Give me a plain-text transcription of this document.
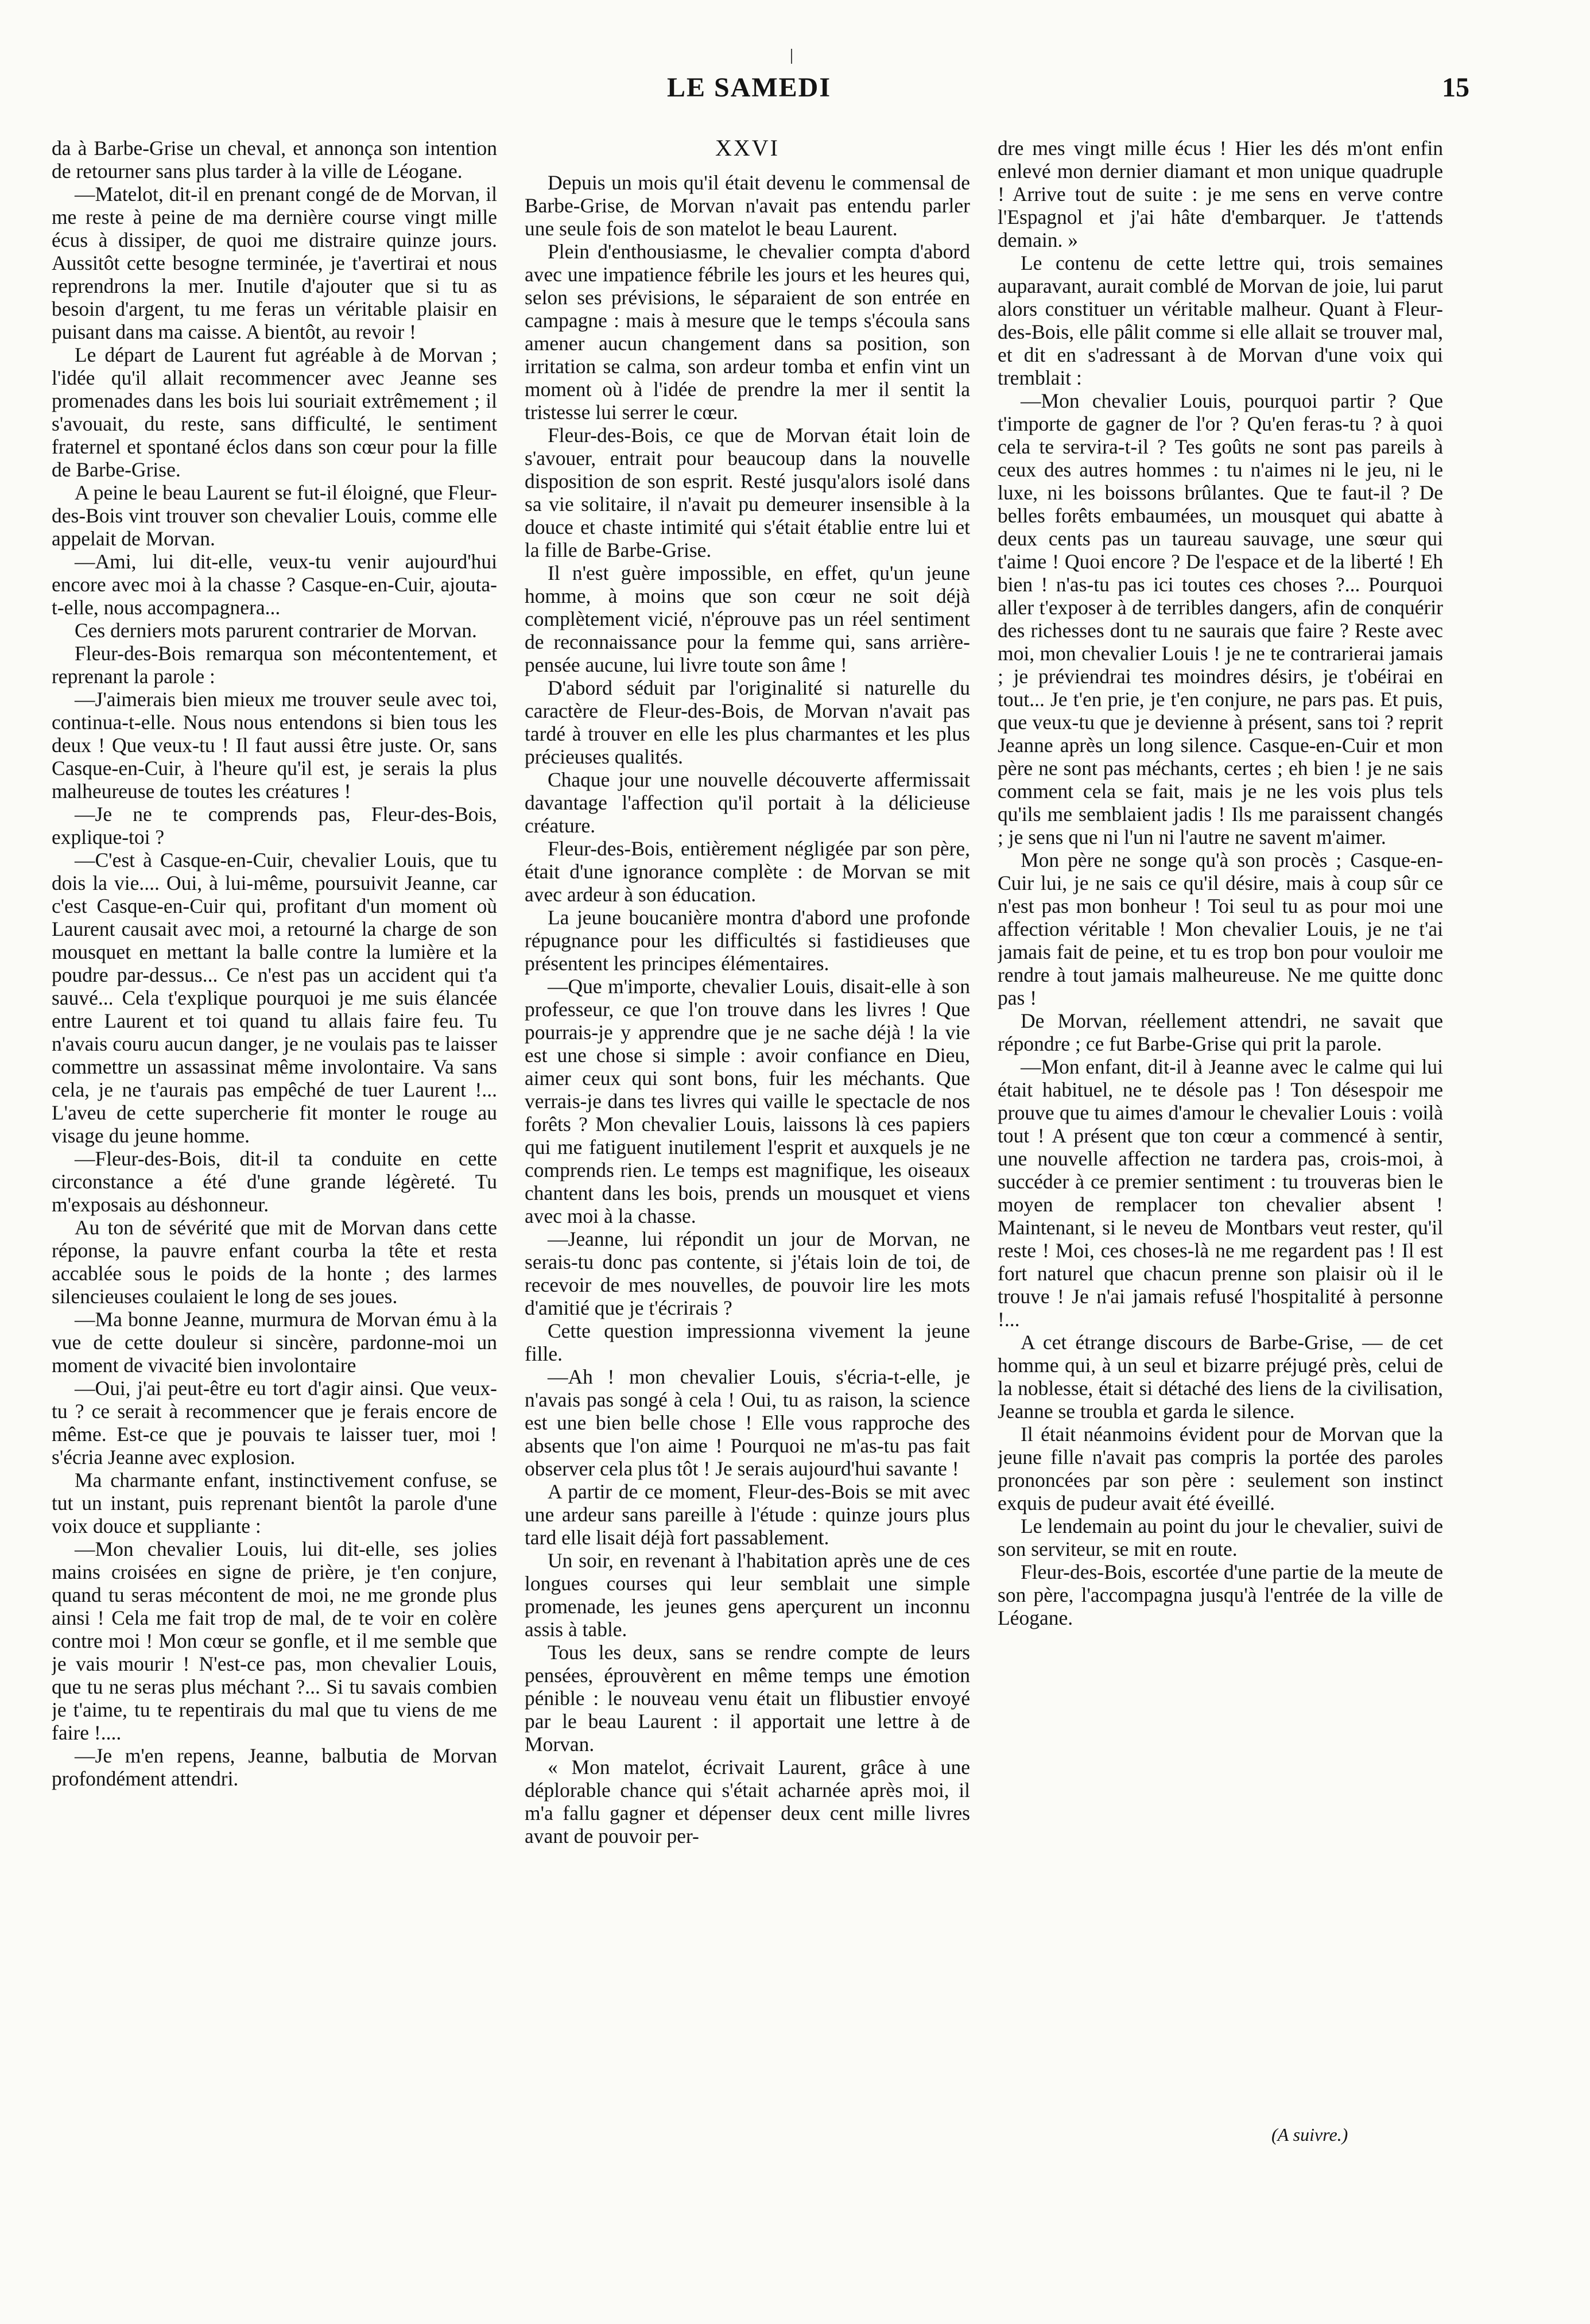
LE SAMEDI	15

da à Barbe-Grise un cheval, et annonça son intention de retourner sans plus tarder à la ville de Léogane.

—Matelot, dit-il en prenant congé de de Morvan, il me reste à peine de ma dernière course vingt mille écus à dissiper, de quoi me distraire quinze jours. Aussitôt cette besogne terminée, je t'avertirai et nous reprendrons la mer. Inutile d'ajouter que si tu as besoin d'argent, tu me feras un véritable plaisir en puisant dans ma caisse. A bientôt, au revoir !

Le départ de Laurent fut agréable à de Morvan ; l'idée qu'il allait recommencer avec Jeanne ses promenades dans les bois lui souriait extrêmement ; il s'avouait, du reste, sans difficulté, le sentiment fraternel et spontané éclos dans son cœur pour la fille de Barbe-Grise.

A peine le beau Laurent se fut-il éloigné, que Fleur-des-Bois vint trouver son chevalier Louis, comme elle appelait de Morvan.

—Ami, lui dit-elle, veux-tu venir aujourd'hui encore avec moi à la chasse ? Casque-en-Cuir, ajouta-t-elle, nous accompagnera...

Ces derniers mots parurent contrarier de Morvan.

Fleur-des-Bois remarqua son mécontentement, et reprenant la parole :

—J'aimerais bien mieux me trouver seule avec toi, continua-t-elle. Nous nous entendons si bien tous les deux ! Que veux-tu ! Il faut aussi être juste. Or, sans Casque-en-Cuir, à l'heure qu'il est, je serais la plus malheureuse de toutes les créatures !

—Je ne te comprends pas, Fleur-des-Bois, explique-toi ?

—C'est à Casque-en-Cuir, chevalier Louis, que tu dois la vie.... Oui, à lui-même, poursuivit Jeanne, car c'est Casque-en-Cuir qui, profitant d'un moment où Laurent causait avec moi, a retourné la charge de son mousquet en mettant la balle contre la lumière et la poudre par-dessus... Ce n'est pas un accident qui t'a sauvé... Cela t'explique pourquoi je me suis élancée entre Laurent et toi quand tu allais faire feu. Tu n'avais couru aucun danger, je ne voulais pas te laisser commettre un assassinat même involontaire. Va sans cela, je ne t'aurais pas empêché de tuer Laurent !... L'aveu de cette supercherie fit monter le rouge au visage du jeune homme.

—Fleur-des-Bois, dit-il ta conduite en cette circonstance a été d'une grande légèreté. Tu m'exposais au déshonneur.

Au ton de sévérité que mit de Morvan dans cette réponse, la pauvre enfant courba la tête et resta accablée sous le poids de la honte ; des larmes silencieuses coulaient le long de ses joues.

—Ma bonne Jeanne, murmura de Morvan ému à la vue de cette douleur si sincère, pardonne-moi un moment de vivacité bien involontaire

—Oui, j'ai peut-être eu tort d'agir ainsi. Que veux-tu ? ce serait à recommencer que je ferais encore de même. Est-ce que je pouvais te laisser tuer, moi ! s'écria Jeanne avec explosion.

Ma charmante enfant, instinctivement confuse, se tut un instant, puis reprenant bientôt la parole d'une voix douce et suppliante :

—Mon chevalier Louis, lui dit-elle, ses jolies mains croisées en signe de prière, je t'en conjure, quand tu seras mécontent de moi, ne me gronde plus ainsi ! Cela me fait trop de mal, de te voir en colère contre moi ! Mon cœur se gonfle, et il me semble que je vais mourir ! N'est-ce pas, mon chevalier Louis, que tu ne seras plus méchant ?... Si tu savais combien je t'aime, tu te repentirais du mal que tu viens de me faire !....

—Je m'en repens, Jeanne, balbutia de Morvan profondément attendri.

XXVI

Depuis un mois qu'il était devenu le commensal de Barbe-Grise, de Morvan n'avait pas entendu parler une seule fois de son matelot le beau Laurent.

Plein d'enthousiasme, le chevalier compta d'abord avec une impatience fébrile les jours et les heures qui, selon ses prévisions, le séparaient de son entrée en campagne : mais à mesure que le temps s'écoula sans amener aucun changement dans sa position, son irritation se calma, son ardeur tomba et enfin vint un moment où à l'idée de prendre la mer il sentit la tristesse lui serrer le cœur.

Fleur-des-Bois, ce que de Morvan était loin de s'avouer, entrait pour beaucoup dans la nouvelle disposition de son esprit. Resté jusqu'alors isolé dans sa vie solitaire, il n'avait pu demeurer insensible à la douce et chaste intimité qui s'était établie entre lui et la fille de Barbe-Grise.

Il n'est guère impossible, en effet, qu'un jeune homme, à moins que son cœur ne soit déjà complètement vicié, n'éprouve pas un réel sentiment de reconnaissance pour la femme qui, sans arrière-pensée aucune, lui livre toute son âme !

D'abord séduit par l'originalité si naturelle du caractère de Fleur-des-Bois, de Morvan n'avait pas tardé à trouver en elle les plus charmantes et les plus précieuses qualités.

Chaque jour une nouvelle découverte affermissait davantage l'affection qu'il portait à la délicieuse créature.

Fleur-des-Bois, entièrement négligée par son père, était d'une ignorance complète : de Morvan se mit avec ardeur à son éducation.

La jeune boucanière montra d'abord une profonde répugnance pour les difficultés si fastidieuses que présentent les principes élémentaires.

—Que m'importe, chevalier Louis, disait-elle à son professeur, ce que l'on trouve dans les livres ! Que pourrais-je y apprendre que je ne sache déjà ! la vie est une chose si simple : avoir confiance en Dieu, aimer ceux qui sont bons, fuir les méchants. Que verrais-je dans tes livres qui vaille le spectacle de nos forêts ? Mon chevalier Louis, laissons là ces papiers qui me fatiguent inutilement l'esprit et auxquels je ne comprends rien. Le temps est magnifique, les oiseaux chantent dans les bois, prends un mousquet et viens avec moi à la chasse.

—Jeanne, lui répondit un jour de Morvan, ne serais-tu donc pas contente, si j'étais loin de toi, de recevoir de mes nouvelles, de pouvoir lire les mots d'amitié que je t'écrirais ?

Cette question impressionna vivement la jeune fille.

—Ah ! mon chevalier Louis, s'écria-t-elle, je n'avais pas songé à cela ! Oui, tu as raison, la science est une bien belle chose ! Elle vous rapproche des absents que l'on aime ! Pourquoi ne m'as-tu pas fait observer cela plus tôt ! Je serais aujourd'hui savante !

A partir de ce moment, Fleur-des-Bois se mit avec une ardeur sans pareille à l'étude : quinze jours plus tard elle lisait déjà fort passablement.

Un soir, en revenant à l'habitation après une de ces longues courses qui leur semblait une simple promenade, les jeunes gens aperçurent un inconnu assis à table.

Tous les deux, sans se rendre compte de leurs pensées, éprouvèrent en même temps une émotion pénible : le nouveau venu était un flibustier envoyé par le beau Laurent : il apportait une lettre à de Morvan.

« Mon matelot, écrivait Laurent, grâce à une déplorable chance qui s'était acharnée après moi, il m'a fallu gagner et dépenser deux cent mille livres avant de pouvoir per-

dre mes vingt mille écus ! Hier les dés m'ont enfin enlevé mon dernier diamant et mon unique quadruple ! Arrive tout de suite : je me sens en verve contre l'Espagnol et j'ai hâte d'embarquer. Je t'attends demain. »

Le contenu de cette lettre qui, trois semaines auparavant, aurait comblé de Morvan de joie, lui parut alors constituer un véritable malheur. Quant à Fleur-des-Bois, elle pâlit comme si elle allait se trouver mal, et dit en s'adressant à de Morvan d'une voix qui tremblait :

—Mon chevalier Louis, pourquoi partir ? Que t'importe de gagner de l'or ? Qu'en feras-tu ? à quoi cela te servira-t-il ? Tes goûts ne sont pas pareils à ceux des autres hommes : tu n'aimes ni le jeu, ni le luxe, ni les boissons brûlantes. Que te faut-il ? De belles forêts embaumées, un mousquet qui abatte à deux cents pas un taureau sauvage, une sœur qui t'aime ! Quoi encore ? De l'espace et de la liberté ! Eh bien ! n'as-tu pas ici toutes ces choses ?... Pourquoi aller t'exposer à de terribles dangers, afin de conquérir des richesses dont tu ne saurais que faire ? Reste avec moi, mon chevalier Louis ! je ne te contrarierai jamais ; je préviendrai tes moindres désirs, je t'obéirai en tout... Je t'en prie, je t'en conjure, ne pars pas. Et puis, que veux-tu que je devienne à présent, sans toi ? reprit Jeanne après un long silence. Casque-en-Cuir et mon père ne sont pas méchants, certes ; eh bien ! je ne sais comment cela se fait, mais je ne les vois plus tels qu'ils me semblaient jadis ! Ils me paraissent changés ; je sens que ni l'un ni l'autre ne savent m'aimer.

Mon père ne songe qu'à son procès ; Casque-en-Cuir lui, je ne sais ce qu'il désire, mais à coup sûr ce n'est pas mon bonheur ! Toi seul tu as pour moi une affection véritable ! Mon chevalier Louis, je ne t'ai jamais fait de peine, et tu es trop bon pour vouloir me rendre à tout jamais malheureuse. Ne me quitte donc pas !

De Morvan, réellement attendri, ne savait que répondre ; ce fut Barbe-Grise qui prit la parole.

—Mon enfant, dit-il à Jeanne avec le calme qui lui était habituel, ne te désole pas ! Ton désespoir me prouve que tu aimes d'amour le chevalier Louis : voilà tout ! A présent que ton cœur a commencé à sentir, une nouvelle affection ne tardera pas, crois-moi, à succéder à ce premier sentiment : tu trouveras bien le moyen de remplacer ton chevalier absent ! Maintenant, si le neveu de Montbars veut rester, qu'il reste ! Moi, ces choses-là ne me regardent pas ! Il est fort naturel que chacun prenne son plaisir où il le trouve ! Je n'ai jamais refusé l'hospitalité à personne !...

A cet étrange discours de Barbe-Grise, — de cet homme qui, à un seul et bizarre préjugé près, celui de la noblesse, était si détaché des liens de la civilisation, Jeanne se troubla et garda le silence.

Il était néanmoins évident pour de Morvan que la jeune fille n'avait pas compris la portée des paroles prononcées par son père : seulement son instinct exquis de pudeur avait été éveillé.

Le lendemain au point du jour le chevalier, suivi de son serviteur, se mit en route.

Fleur-des-Bois, escortée d'une partie de la meute de son père, l'accompagna jusqu'à l'entrée de la ville de Léogane.

(A suivre.)
